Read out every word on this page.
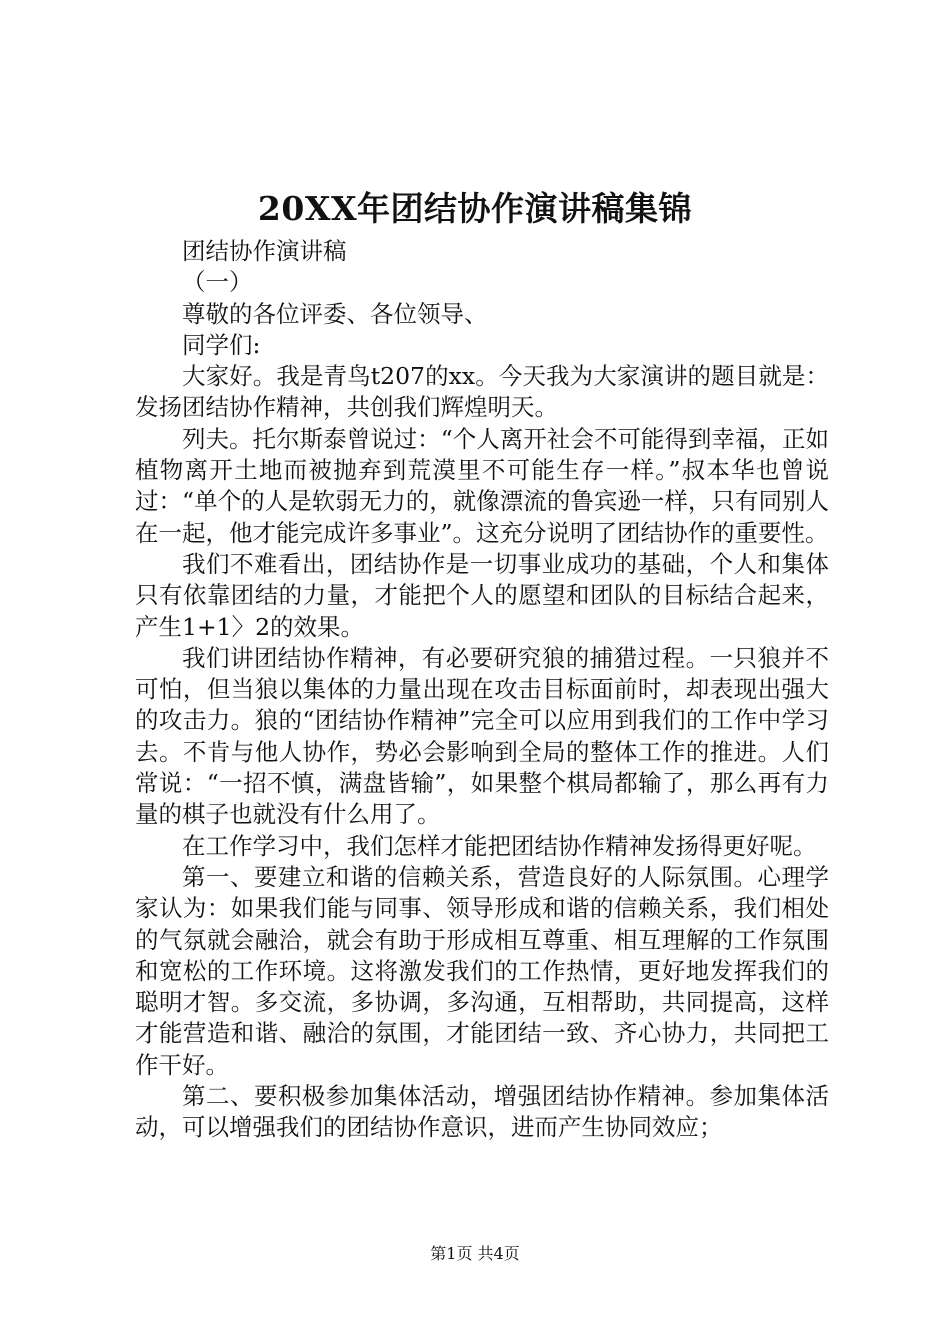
20XX年团结协作演讲稿集锦

团结协作演讲稿

（一）

尊敬的各位评委、各位领导、

同学们:

大家好。我是青鸟t207的xx。今天我为大家演讲的题目就是：发扬团结协作精神，共创我们辉煌明天。

列夫。托尔斯泰曾说过：“个人离开社会不可能得到幸福，正如植物离开土地而被抛弃到荒漠里不可能生存一样。”叔本华也曾说过：“单个的人是软弱无力的，就像漂流的鲁宾逊一样，只有同别人在一起，他才能完成许多事业”。这充分说明了团结协作的重要性。

我们不难看出，团结协作是一切事业成功的基础，个人和集体只有依靠团结的力量，才能把个人的愿望和团队的目标结合起来，产生1+1〉2的效果。

我们讲团结协作精神，有必要研究狼的捕猎过程。一只狼并不可怕，但当狼以集体的力量出现在攻击目标面前时，却表现出强大的攻击力。狼的“团结协作精神”完全可以应用到我们的工作中学习去。不肯与他人协作，势必会影响到全局的整体工作的推进。人们常说：“一招不慎，满盘皆输”，如果整个棋局都输了，那么再有力量的棋子也就没有什么用了。

在工作学习中，我们怎样才能把团结协作精神发扬得更好呢。

第一、要建立和谐的信赖关系，营造良好的人际氛围。心理学家认为：如果我们能与同事、领导形成和谐的信赖关系，我们相处的气氛就会融洽，就会有助于形成相互尊重、相互理解的工作氛围和宽松的工作环境。这将激发我们的工作热情，更好地发挥我们的聪明才智。多交流，多协调，多沟通，互相帮助，共同提高，这样才能营造和谐、融洽的氛围，才能团结一致、齐心协力，共同把工作干好。

第二、要积极参加集体活动，增强团结协作精神。参加集体活动，可以增强我们的团结协作意识，进而产生协同效应；

第1页 共4页
